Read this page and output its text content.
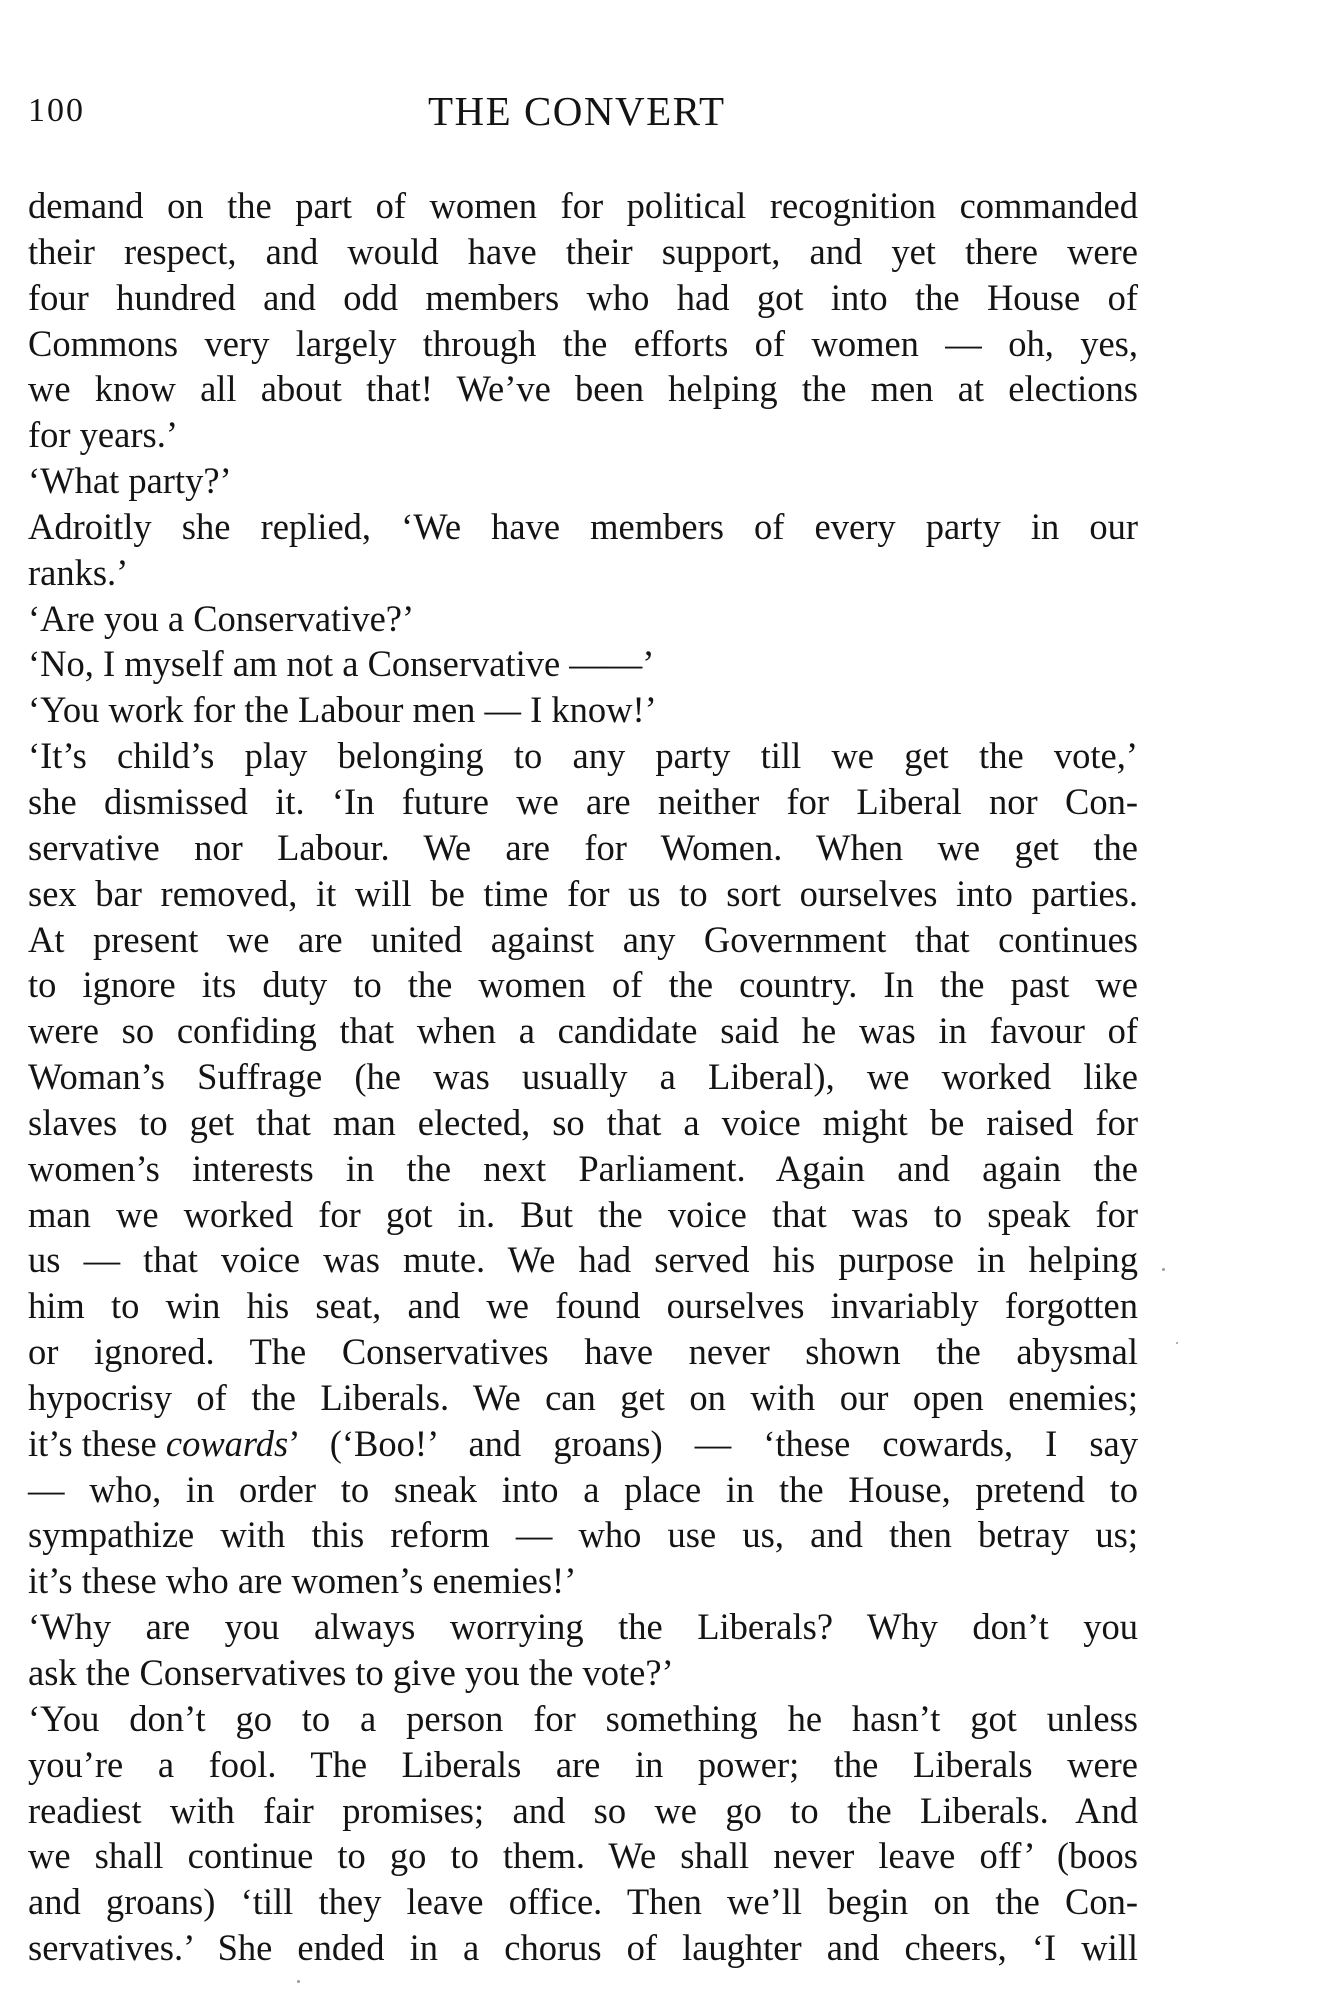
100	THE CONVERT
demand on the part of women for political recognition commanded
their respect, and would have their support, and yet there were
four hundred and odd members who had got into the House of
Commons very largely through the efforts of women — oh, yes,
we know all about that! We’ve been helping the men at elections
for years.’
‘What party?’
Adroitly she replied, ‘We have members of every party in our
ranks.’
‘Are you a Conservative?’
‘No, I myself am not a Conservative ——’
‘You work for the Labour men — I know!’
‘It’s child’s play belonging to any party till we get the vote,’
she dismissed it. ‘In future we are neither for Liberal nor Con-
servative nor Labour. We are for Women. When we get the
sex bar removed, it will be time for us to sort ourselves into parties.
At present we are united against any Government that continues
to ignore its duty to the women of the country. In the past we
were so confiding that when a candidate said he was in favour of
Woman’s Suffrage (he was usually a Liberal), we worked like
slaves to get that man elected, so that a voice might be raised for
women’s interests in the next Parliament. Again and again the
man we worked for got in. But the voice that was to speak for
us — that voice was mute. We had served his purpose in helping
him to win his seat, and we found ourselves invariably forgotten
or ignored. The Conservatives have never shown the abysmal
hypocrisy of the Liberals. We can get on with our open enemies;
it’s these cowards ’ (‘Boo!’ and groans) — ‘these cowards, I say
— who, in order to sneak into a place in the House, pretend to
sympathize with this reform — who use us, and then betray us;
it’s these who are women’s enemies!’
‘Why are you always worrying the Liberals? Why don’t you
ask the Conservatives to give you the vote?’
‘You don’t go to a person for something he hasn’t got unless
you’re a fool. The Liberals are in power; the Liberals were
readiest with fair promises; and so we go to the Liberals. And
we shall continue to go to them. We shall never leave off’ (boos
and groans) ‘till they leave office. Then we’ll begin on the Con-
servatives.’ She ended in a chorus of laughter and cheers, ‘I will
